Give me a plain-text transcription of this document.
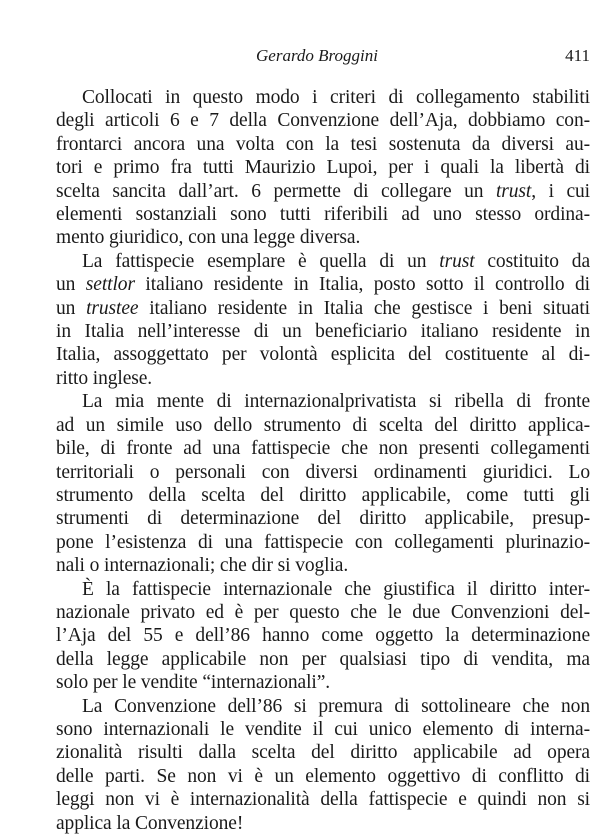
Gerardo Broggini	411
Collocati in questo modo i criteri di collegamento stabiliti
degli articoli 6 e 7 della Convenzione dell’Aja, dobbiamo con-
frontarci ancora una volta con la tesi sostenuta da diversi au-
tori e primo fra tutti Maurizio Lupoi, per i quali la libertà di
scelta sancita dall’art. 6 permette di collegare un trust, i cui
elementi sostanziali sono tutti riferibili ad uno stesso ordina-
mento giuridico, con una legge diversa.
La fattispecie esemplare è quella di un trust costituito da
un settlor italiano residente in Italia, posto sotto il controllo di
un trustee italiano residente in Italia che gestisce i beni situati
in Italia nell’interesse di un beneficiario italiano residente in
Italia, assoggettato per volontà esplicita del costituente al di-
ritto inglese.
La mia mente di internazionalprivatista si ribella di fronte
ad un simile uso dello strumento di scelta del diritto applica-
bile, di fronte ad una fattispecie che non presenti collegamenti
territoriali o personali con diversi ordinamenti giuridici. Lo
strumento della scelta del diritto applicabile, come tutti gli
strumenti di determinazione del diritto applicabile, presup-
pone l’esistenza di una fattispecie con collegamenti plurinazio-
nali o internazionali; che dir si voglia.
È la fattispecie internazionale che giustifica il diritto inter-
nazionale privato ed è per questo che le due Convenzioni del-
l’Aja del 55 e dell’86 hanno come oggetto la determinazione
della legge applicabile non per qualsiasi tipo di vendita, ma
solo per le vendite “internazionali”.
La Convenzione dell’86 si premura di sottolineare che non
sono internazionali le vendite il cui unico elemento di interna-
zionalità risulti dalla scelta del diritto applicabile ad opera
delle parti. Se non vi è un elemento oggettivo di conflitto di
leggi non vi è internazionalità della fattispecie e quindi non si
applica la Convenzione!
